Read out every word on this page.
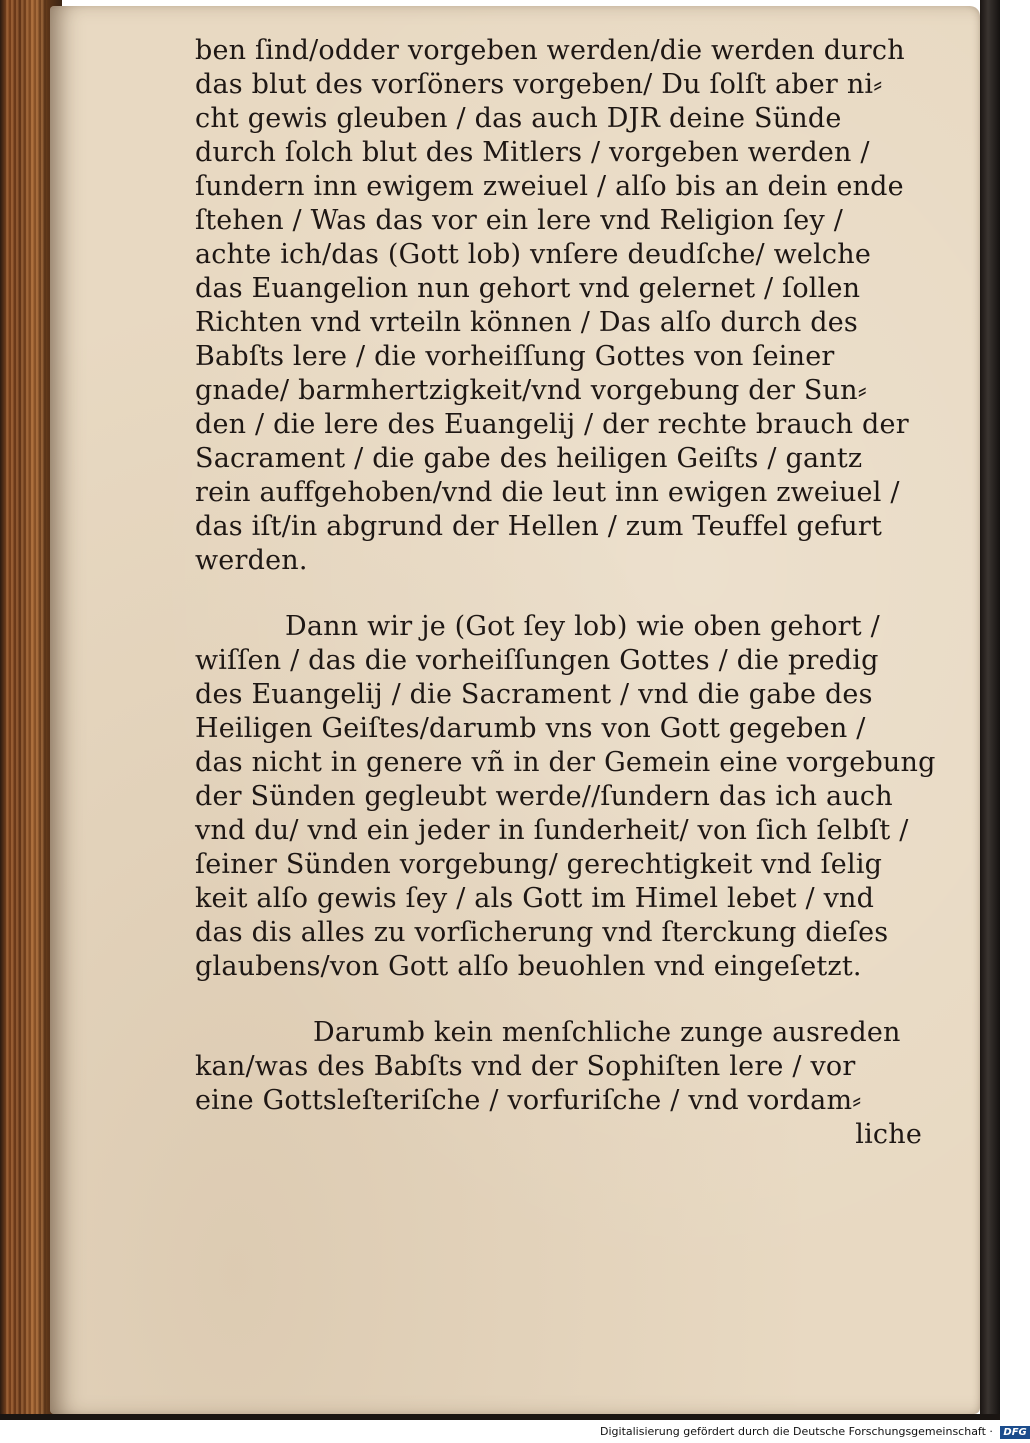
ben ſind/odder vorgeben werden/die werden durch
das blut des vorſöners vorgeben/ Du ſolſt aber ni⸗
cht gewis gleuben / das auch DJR deine Sünde
durch ſolch blut des Mitlers / vorgeben werden /
ſundern inn ewigem zweiuel / alſo bis an dein ende
ſtehen / Was das vor ein lere vnd Religion ſey /
achte ich/das (Gott lob) vnſere deudſche/ welche
das Euangelion nun gehort vnd gelernet / ſollen
Richten vnd vrteiln können / Das alſo durch des
Babſts lere / die vorheiſſung Gottes von ſeiner
gnade/ barmhertzigkeit/vnd vorgebung der Sun⸗
den / die lere des Euangelij / der rechte brauch der
Sacrament / die gabe des heiligen Geiſts / gantz
rein auffgehoben/vnd die leut inn ewigen zweiuel /
das iſt/in abgrund der Hellen / zum Teuffel gefurt
werden.
Dann wir je (Got ſey lob) wie oben gehort /
wiſſen / das die vorheiſſungen Gottes / die predig
des Euangelij / die Sacrament / vnd die gabe des
Heiligen Geiſtes/darumb vns von Gott gegeben /
das nicht in genere vñ in der Gemein eine vorgebung
der Sünden gegleubt werde//ſundern das ich auch
vnd du/ vnd ein jeder in ſunderheit/ von ſich ſelbſt /
ſeiner Sünden vorgebung/ gerechtigkeit vnd ſelig
keit alſo gewis ſey / als Gott im Himel lebet / vnd
das dis alles zu vorſicherung vnd ſterckung dieſes
glaubens/von Gott alſo beuohlen vnd eingeſetzt.
Darumb kein menſchliche zunge ausreden
kan/was des Babſts vnd der Sophiſten lere / vor
eine Gottsleſteriſche / vorfuriſche / vnd vordam⸗
liche
Digitalisierung gefördert durch die Deutsche Forschungsgemeinschaft · DFG
